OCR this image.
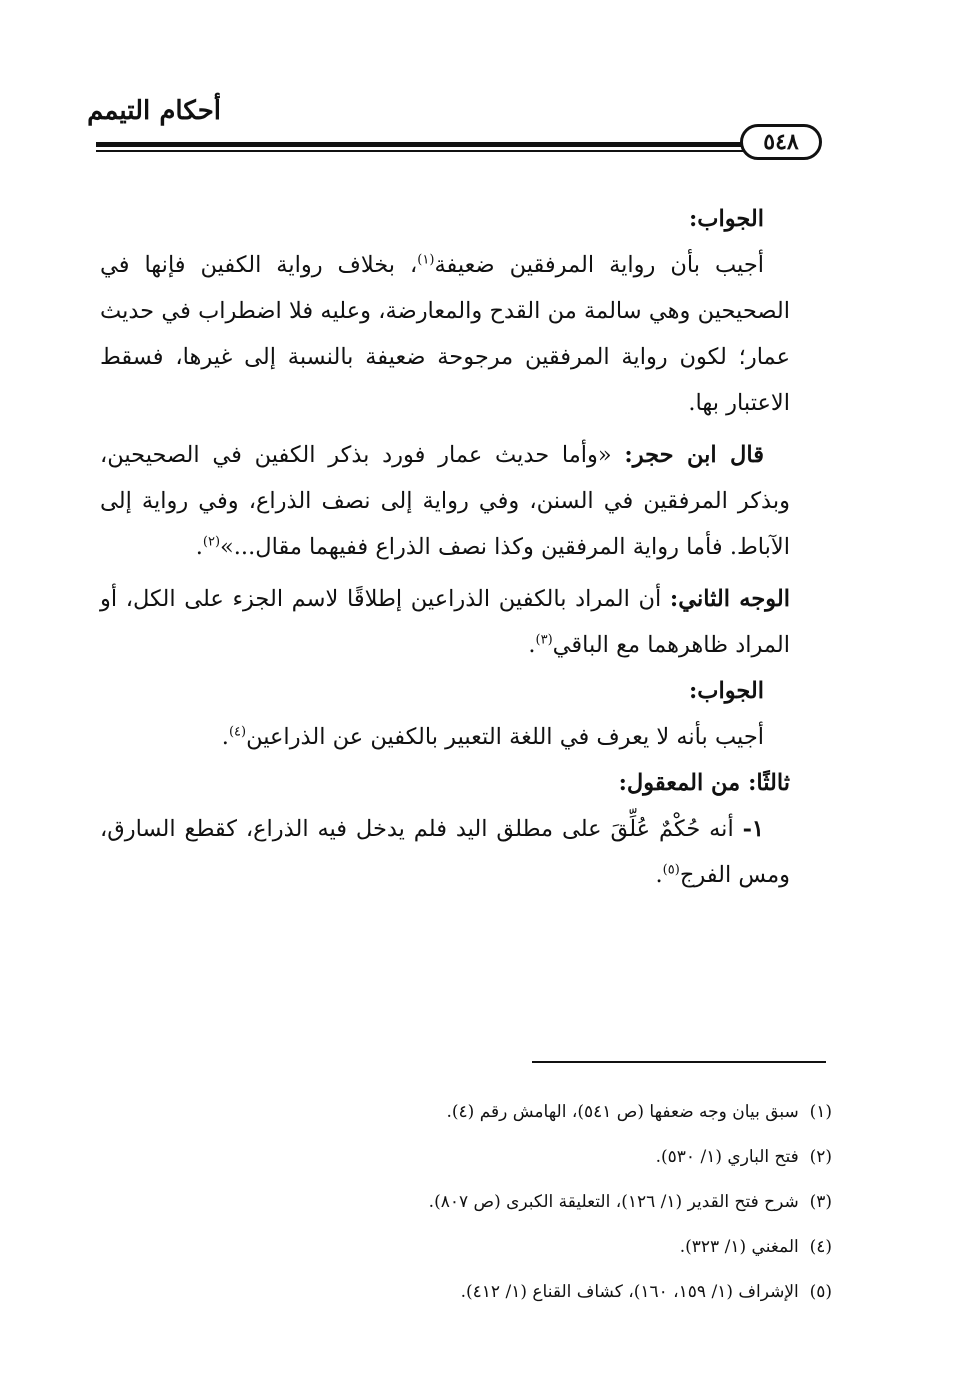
أحكام التيمم
٥٤٨

الجواب:

أجيب بأن رواية المرفقين ضعيفة$^{(١)}$، بخلاف رواية الكفين فإنها في الصحيحين وهي سالمة من القدح والمعارضة، وعليه فلا اضطراب في حديث عمار؛ لكون رواية المرفقين مرجوحة ضعيفة بالنسبة إلى غيرها، فسقط الاعتبار بها.

قال ابن حجر: «وأما حديث عمار فورد بذكر الكفين في الصحيحين، وبذكر المرفقين في السنن، وفي رواية إلى نصف الذراع، وفي رواية إلى الآباط. فأما رواية المرفقين وكذا نصف الذراع ففيهما مقال...»$^{(٢)}$.

الوجه الثاني: أن المراد بالكفين الذراعين إطلاقًا لاسم الجزء على الكل، أو المراد ظاهرهما مع الباقي$^{(٣)}$.

الجواب:

أجيب بأنه لا يعرف في اللغة التعبير بالكفين عن الذراعين$^{(٤)}$.

ثالثًا: من المعقول:

١- أنه حُكْمٌ عُلِّقَ على مطلق اليد فلم يدخل فيه الذراع، كقطع السارق، ومس الفرج$^{(٥)}$.

(١)  سبق بيان وجه ضعفها (ص ٥٤١)، الهامش رقم (٤).
(٢)  فتح الباري (١/ ٥٣٠).
(٣)  شرح فتح القدير (١/ ١٢٦)، التعليقة الكبرى (ص ٨٠٧).
(٤)  المغني (١/ ٣٢٣).
(٥)  الإشراف (١/ ١٥٩، ١٦٠)، كشاف القناع (١/ ٤١٢).
